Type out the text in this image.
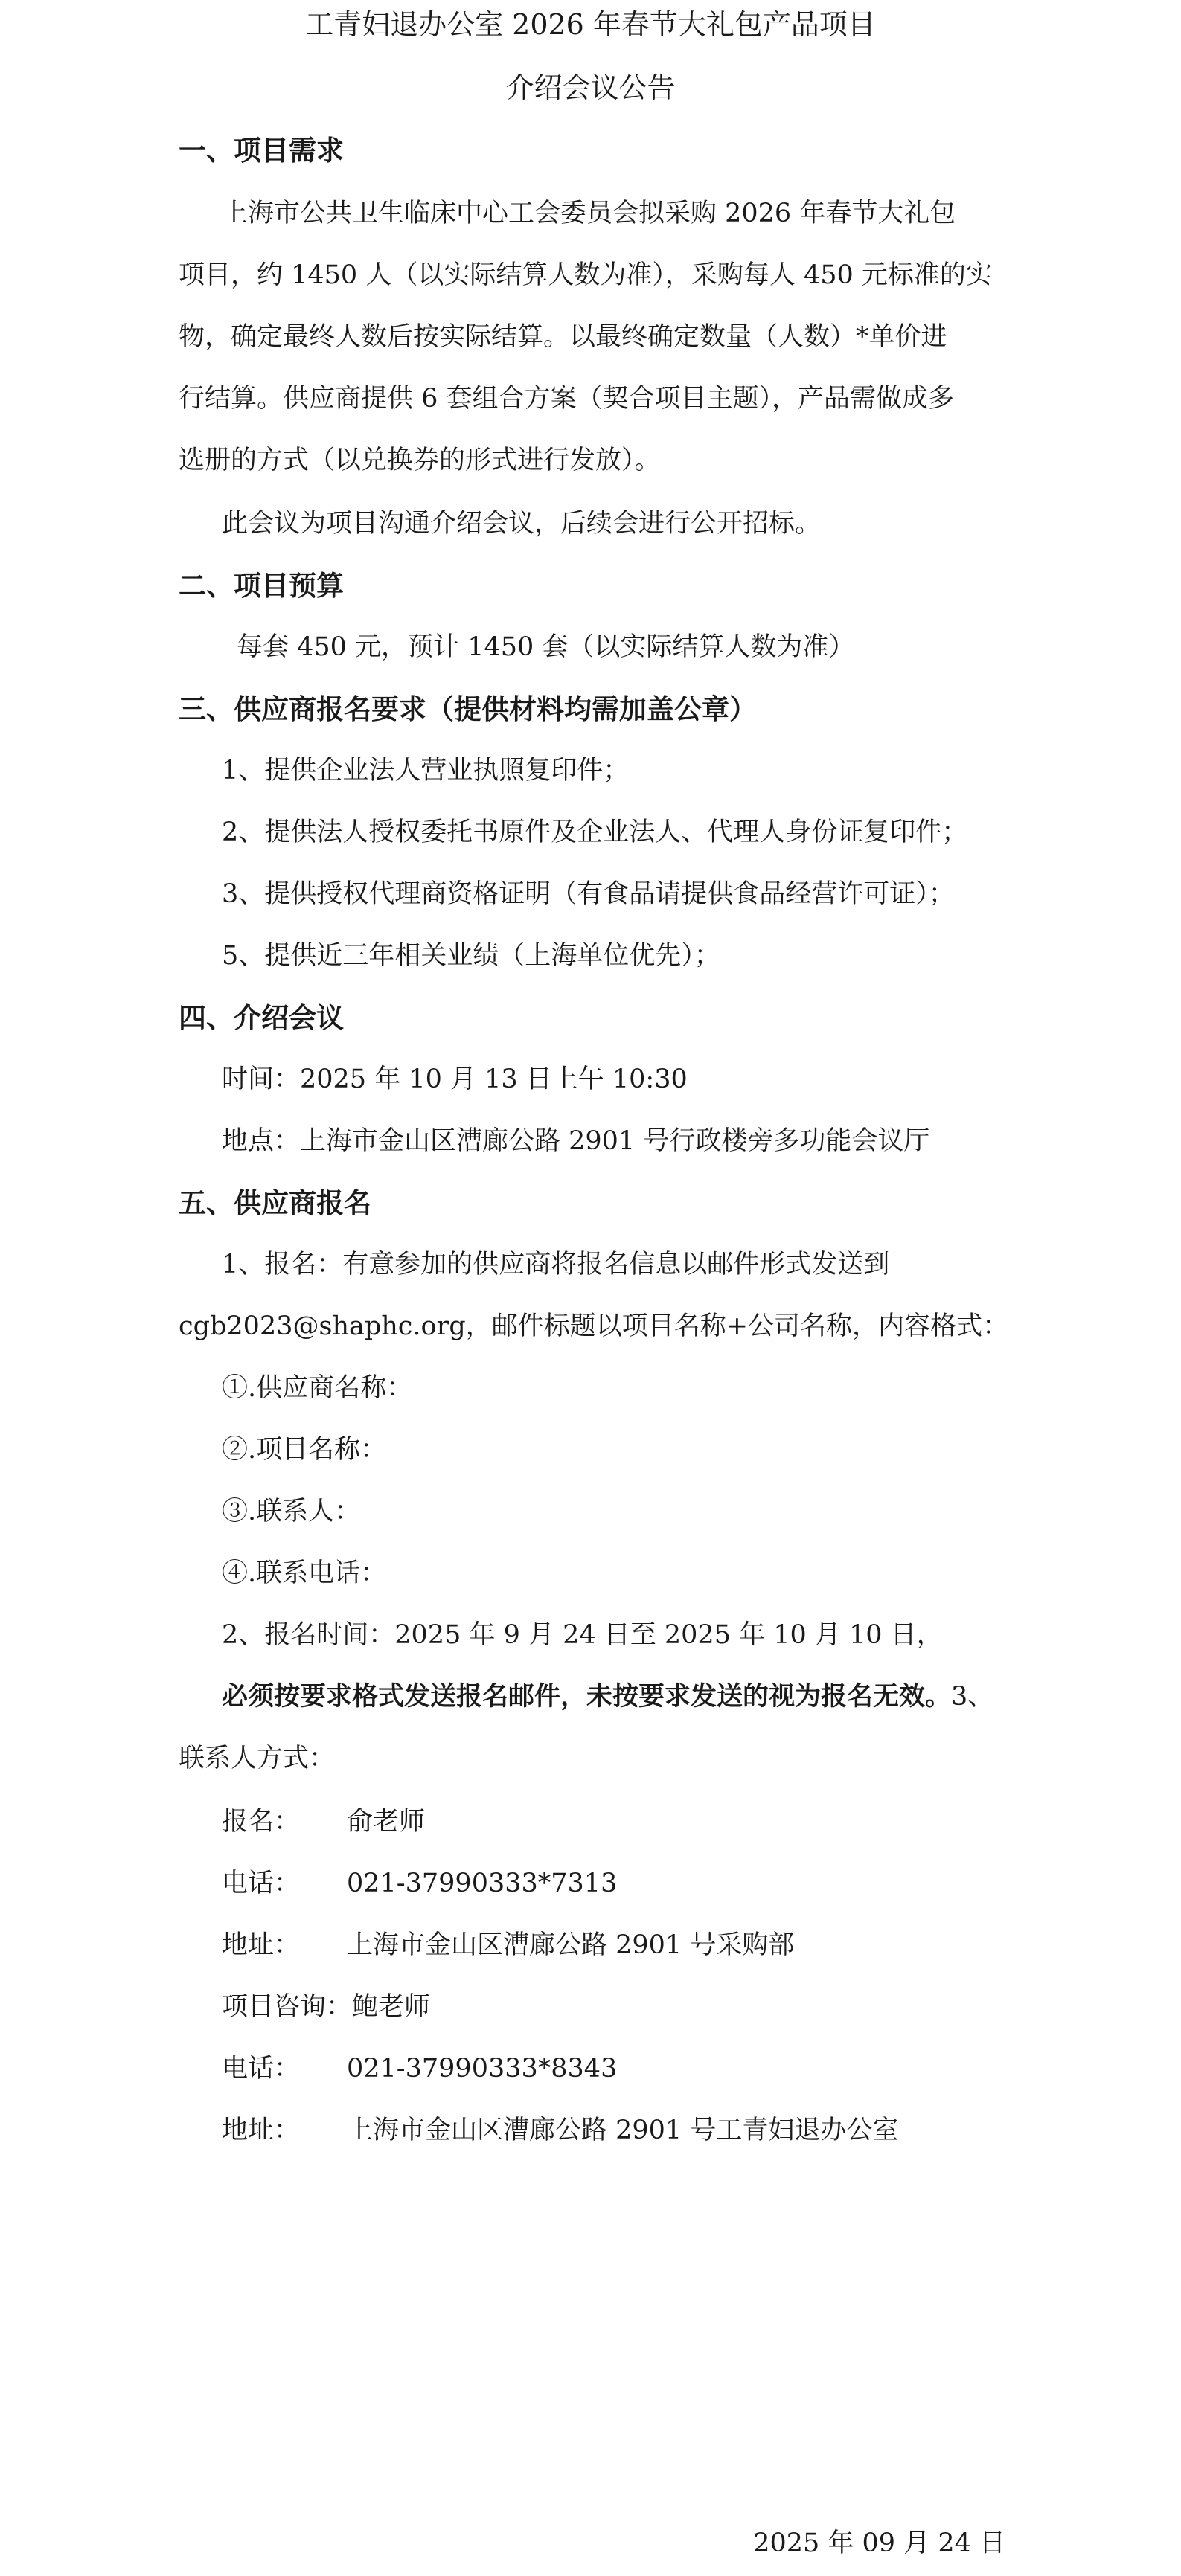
工青妇退办公室 2026 年春节大礼包产品项目
介绍会议公告
一、项目需求
上海市公共卫生临床中心工会委员会拟采购 2026 年春节大礼包
项目，约 1450 人（以实际结算人数为准），采购每人 450 元标准的实
物，确定最终人数后按实际结算。以最终确定数量（人数）*单价进
行结算。供应商提供 6 套组合方案（契合项目主题），产品需做成多
选册的方式（以兑换券的形式进行发放）。
此会议为项目沟通介绍会议，后续会进行公开招标。
二、项目预算
每套 450 元，预计 1450 套（以实际结算人数为准）
三、供应商报名要求（提供材料均需加盖公章）
1、提供企业法人营业执照复印件；
2、提供法人授权委托书原件及企业法人、代理人身份证复印件；
3、提供授权代理商资格证明（有食品请提供食品经营许可证）；
5、提供近三年相关业绩（上海单位优先）；
四、介绍会议
时间：2025 年 10 月 13 日上午 10:30
地点：上海市金山区漕廊公路 2901 号行政楼旁多功能会议厅
五、供应商报名
1、报名：有意参加的供应商将报名信息以邮件形式发送到
cgb2023@shaphc.org，邮件标题以项目名称+公司名称，内容格式：
①.供应商名称：
②.项目名称：
③.联系人：
④.联系电话：
2、报名时间：2025 年 9 月 24 日至 2025 年 10 月 10 日，
必须按要求格式发送报名邮件，未按要求发送的视为报名无效。3、
联系人方式：
报名： 俞老师
电话： 021-37990333*7313
地址： 上海市金山区漕廊公路 2901 号采购部
项目咨询：鲍老师
电话： 021-37990333*8343
地址： 上海市金山区漕廊公路 2901 号工青妇退办公室
2025 年 09 月 24 日
